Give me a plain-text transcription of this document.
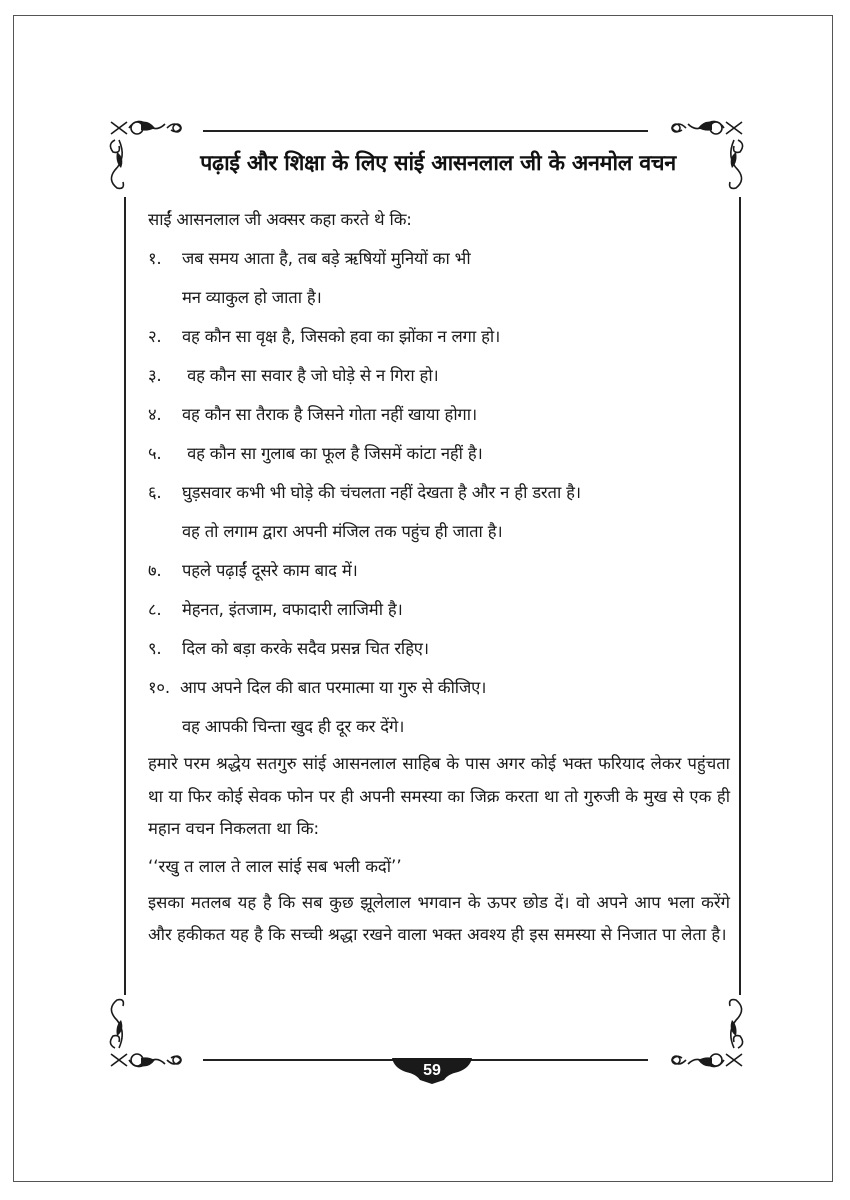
पढ़ाई और शिक्षा के लिए सांई आसनलाल जी के अनमोल वचन
साईं आसनलाल जी अक्सर कहा करते थे कि:
१.	जब समय आता है, तब बड़े ऋषियों मुनियों का भी
मन व्याकुल हो जाता है।
२.	वह कौन सा वृक्ष है, जिसको हवा का झोंका न लगा हो।
३.	वह कौन सा सवार है जो घोड़े से न गिरा हो।
४.	वह कौन सा तैराक है जिसने गोता नहीं खाया होगा।
५.	वह कौन सा गुलाब का फूल है जिसमें कांटा नहीं है।
६.	घुड़सवार कभी भी घोड़े की चंचलता नहीं देखता है और न ही डरता है।
वह तो लगाम द्वारा अपनी मंजिल तक पहुंच ही जाता है।
७.	पहले पढ़ाईं दूसरे काम बाद में।
८.	मेहनत, इंतजाम, वफादारी लाजिमी है।
९.	दिल को बड़ा करके सदैव प्रसन्न चित रहिए।
१०. आप अपने दिल की बात परमात्मा या गुरु से कीजिए।
वह आपकी चिन्ता खुद ही दूर कर देंगे।

हमारे परम श्रद्धेय सतगुरु सांई आसनलाल साहिब के पास अगर कोई भक्त फरियाद लेकर पहुंचता था या फिर कोई सेवक फोन पर ही अपनी समस्या का जिक्र करता था तो गुरुजी के मुख से एक ही महान वचन निकलता था कि:

‘‘रखु त लाल ते लाल सांई सब भली कदों’’

इसका मतलब यह है कि सब कुछ झूलेलाल भगवान के ऊपर छोड दें। वो अपने आप भला करेंगे और हकीकत यह है कि सच्ची श्रद्धा रखने वाला भक्त अवश्य ही इस समस्या से निजात पा लेता है।

59
